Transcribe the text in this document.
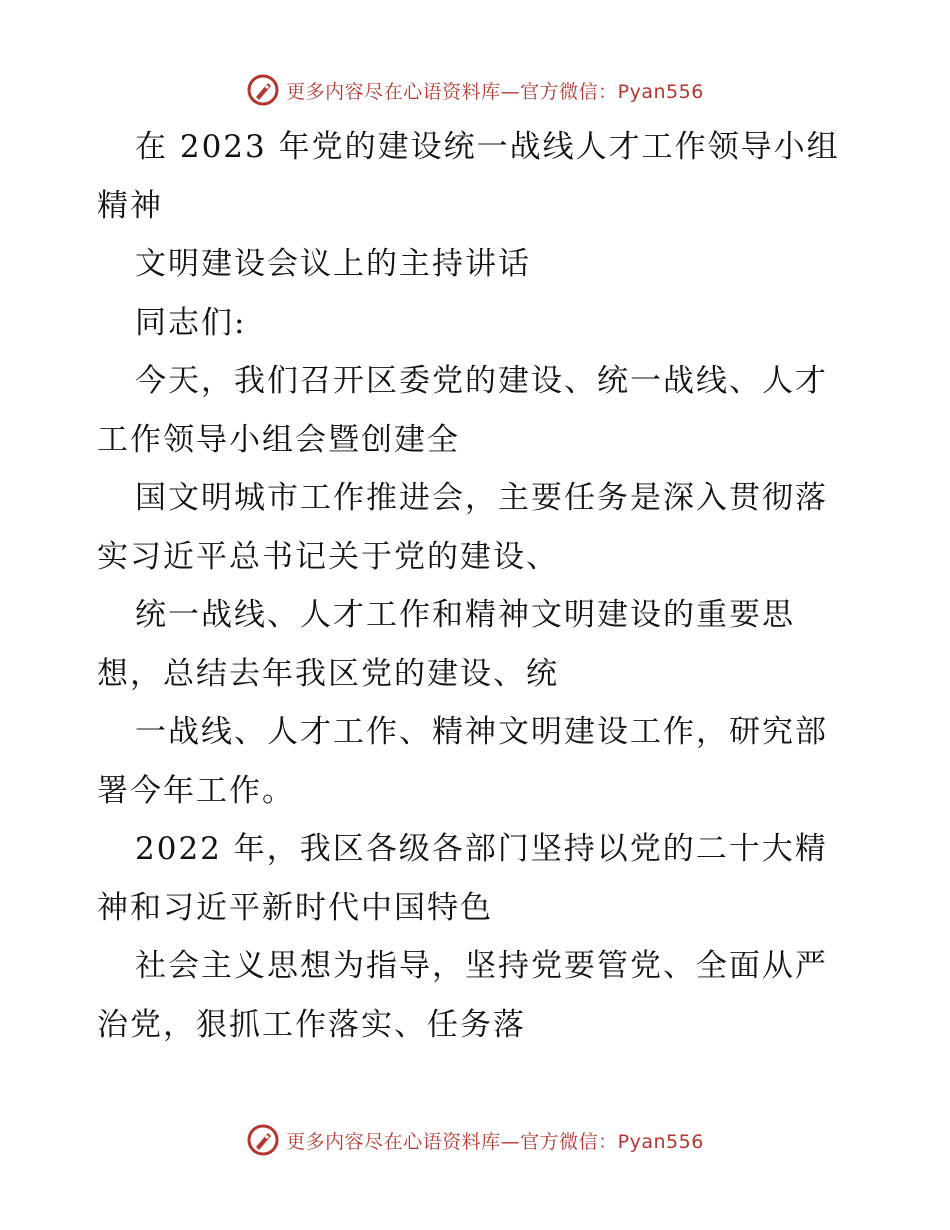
更多内容尽在心语资料库—官方微信：Pyan556
在 2023 年党的建设统一战线人才工作领导小组
精神
文明建设会议上的主持讲话
同志们:
今天，我们召开区委党的建设、统一战线、人才
工作领导小组会暨创建全
国文明城市工作推进会，主要任务是深入贯彻落
实习近平总书记关于党的建设、
统一战线、人才工作和精神文明建设的重要思
想，总结去年我区党的建设、统
一战线、人才工作、精神文明建设工作，研究部
署今年工作。
2022 年，我区各级各部门坚持以党的二十大精
神和习近平新时代中国特色
社会主义思想为指导，坚持党要管党、全面从严
治党，狠抓工作落实、任务落
更多内容尽在心语资料库—官方微信：Pyan556
